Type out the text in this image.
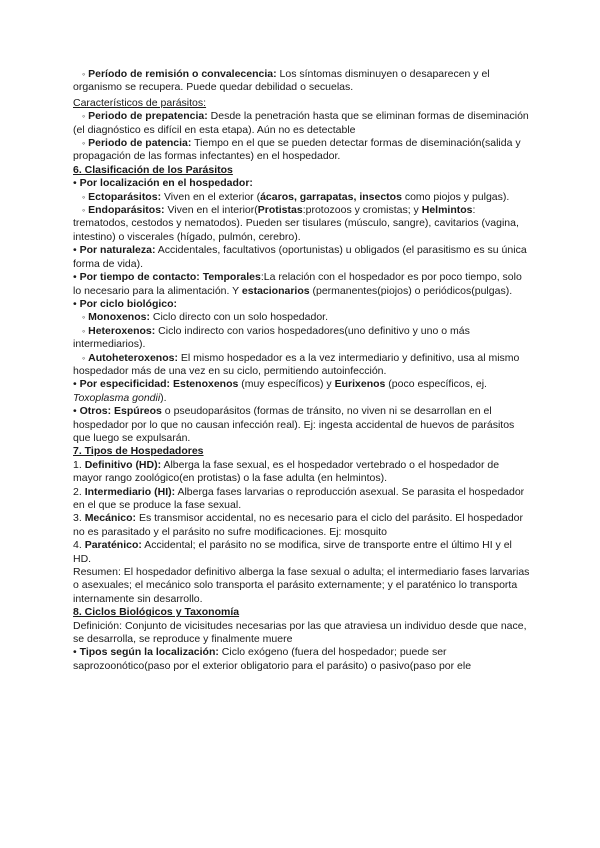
◦ Período de remisión o convalecencia: Los síntomas disminuyen o desaparecen y el organismo se recupera. Puede quedar debilidad o secuelas.

Característicos de parásitos:

◦ Periodo de prepatencia: Desde la penetración hasta que se eliminan formas de diseminación (el diagnóstico es difícil en esta etapa). Aún no es detectable

◦ Periodo de patencia: Tiempo en el que se pueden detectar formas de diseminación(salida y propagación de las formas infectantes) en el hospedador.

6. Clasificación de los Parásitos

• Por localización en el hospedador:

◦ Ectoparásitos: Viven en el exterior (ácaros, garrapatas, insectos como piojos y pulgas).

◦ Endoparásitos: Viven en el interior(Protistas:protozoos y cromistas; y Helmintos: trematodos, cestodos y nematodos). Pueden ser tisulares (músculo, sangre), cavitarios (vagina, intestino) o viscerales (hígado, pulmón, cerebro).

• Por naturaleza: Accidentales, facultativos (oportunistas) u obligados (el parasitismo es su única forma de vida).

• Por tiempo de contacto: Temporales:La relación con el hospedador es por poco tiempo, solo lo necesario para la alimentación. Y estacionarios (permanentes(piojos) o periódicos(pulgas).

• Por ciclo biológico:

◦ Monoxenos: Ciclo directo con un solo hospedador.

◦ Heteroxenos: Ciclo indirecto con varios hospedadores(uno definitivo y uno o más intermediarios).

◦ Autoheteroxenos: El mismo hospedador es a la vez intermediario y definitivo, usa al mismo hospedador más de una vez en su ciclo, permitiendo autoinfección.

• Por especificidad: Estenoxenos (muy específicos) y Eurixenos (poco específicos, ej. Toxoplasma gondii).

• Otros: Espúreos o pseudoparásitos (formas de tránsito, no viven ni se desarrollan en el hospedador por lo que no causan infección real). Ej: ingesta accidental de huevos de parásitos que luego se expulsarán.

7. Tipos de Hospedadores

1. Definitivo (HD): Alberga la fase sexual, es el hospedador vertebrado o el hospedador de mayor rango zoológico(en protistas) o la fase adulta (en helmintos).

2. Intermediario (HI): Alberga fases larvarias o reproducción asexual. Se parasita el hospedador en el que se produce la fase sexual.

3. Mecánico: Es transmisor accidental, no es necesario para el ciclo del parásito. El hospedador no es parasitado y el parásito no sufre modificaciones. Ej: mosquito

4. Paraténico: Accidental; el parásito no se modifica, sirve de transporte entre el último HI y el HD.

Resumen: El hospedador definitivo alberga la fase sexual o adulta; el intermediario fases larvarias o asexuales; el mecánico solo transporta el parásito externamente; y el paraténico lo transporta internamente sin desarrollo.

8. Ciclos Biológicos y Taxonomía

Definición: Conjunto de vicisitudes necesarias por las que atraviesa un individuo desde que nace, se desarrolla, se reproduce y finalmente muere

• Tipos según la localización: Ciclo exógeno (fuera del hospedador; puede ser saprozoonótico(paso por el exterior obligatorio para el parásito) o pasivo(paso por ele
